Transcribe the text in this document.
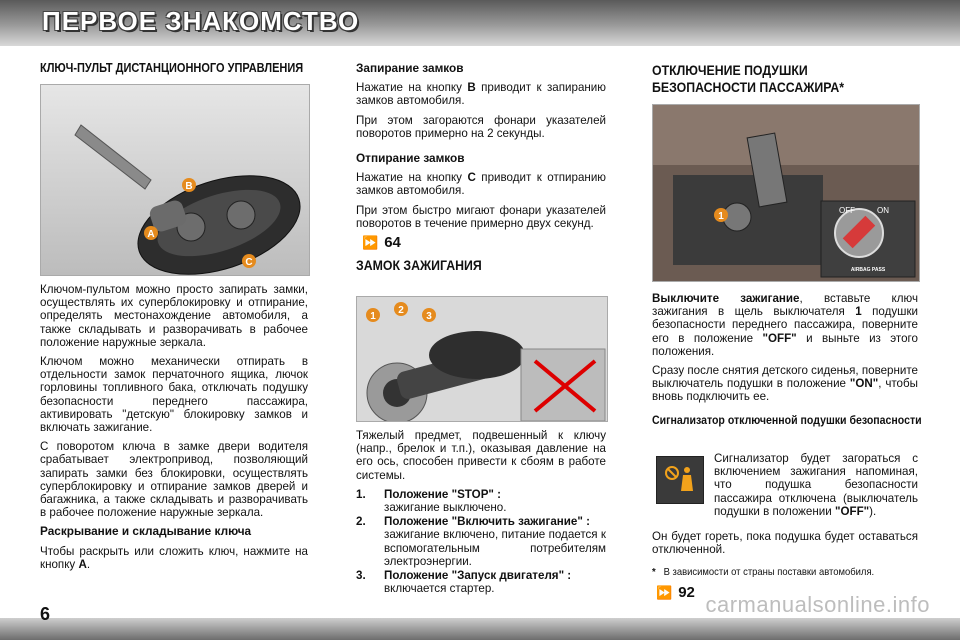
ПЕРВОЕ ЗНАКОМСТВО
КЛЮЧ-ПУЛЬТ ДИСТАНЦИОННОГО УПРАВЛЕНИЯ
A
B
C

Ключом-пультом можно просто запирать замки, осуществлять их суперблокировку и отпирание, определять местонахождение автомобиля, а также складывать и разворачивать в рабочее положение наружные зеркала.

Ключом можно механически отпирать в отдельности замок перчаточного ящика, лючок горловины топливного бака, отключать подушку безопасности переднего пассажира, активировать "детскую" блокировку замков и включать зажигание.

С поворотом ключа в замке двери водителя срабатывает электропривод, позволяющий запирать замки без блокировки, осуществлять суперблокировку и отпирание замков дверей и багажника, а также складывать и разворачивать в рабочее положение наружные зеркала.

Раскрывание и складывание ключа

Чтобы раскрыть или сложить ключ, нажмите на кнопку A.

Запирание замков

Нажатие на кнопку B приводит к запиранию замков автомобиля.

При этом загораются фонари указателей поворотов примерно на 2 секунды.

Отпирание замков

Нажатие на кнопку C приводит к отпиранию замков автомобиля.

При этом быстро мигают фонари указателей поворотов в течение примерно двух секунд.

⏩ 64
ЗАМОК ЗАЖИГАНИЯ
1
2
3

Тяжелый предмет, подвешенный к ключу (напр., брелок и т.п.), оказывая давление на его ось, способен привести к сбоям в работе системы.

1. Положение "STOP" :
зажигание выключено.
2. Положение "Включить зажигание" :
зажигание включено, питание подается к вспомогательным потребителям электроэнергии.
3. Положение "Запуск двигателя" :
включается стартер.
ОТКЛЮЧЕНИЕ ПОДУШКИ
БЕЗОПАСНОСТИ ПАССАЖИРА*
1
OFF	ON
AIRBAG PASS

Выключите зажигание, вставьте ключ зажигания в щель выключателя 1 подушки безопасности переднего пассажира, поверните его в положение "OFF" и выньте из этого положения.

Сразу после снятия детского сиденья, поверните выключатель подушки в положение "ON", чтобы вновь подключить ее.

Сигнализатор отключенной подушки безопасности

Сигнализатор будет загораться с включением зажигания напоминая, что подушка безопасности пассажира отключена (выключатель подушки в положении "OFF").

Он будет гореть, пока подушка будет оставаться отключенной.

* В зависимости от страны поставки автомобиля.

⏩ 92
6	carmanualsonline.info
